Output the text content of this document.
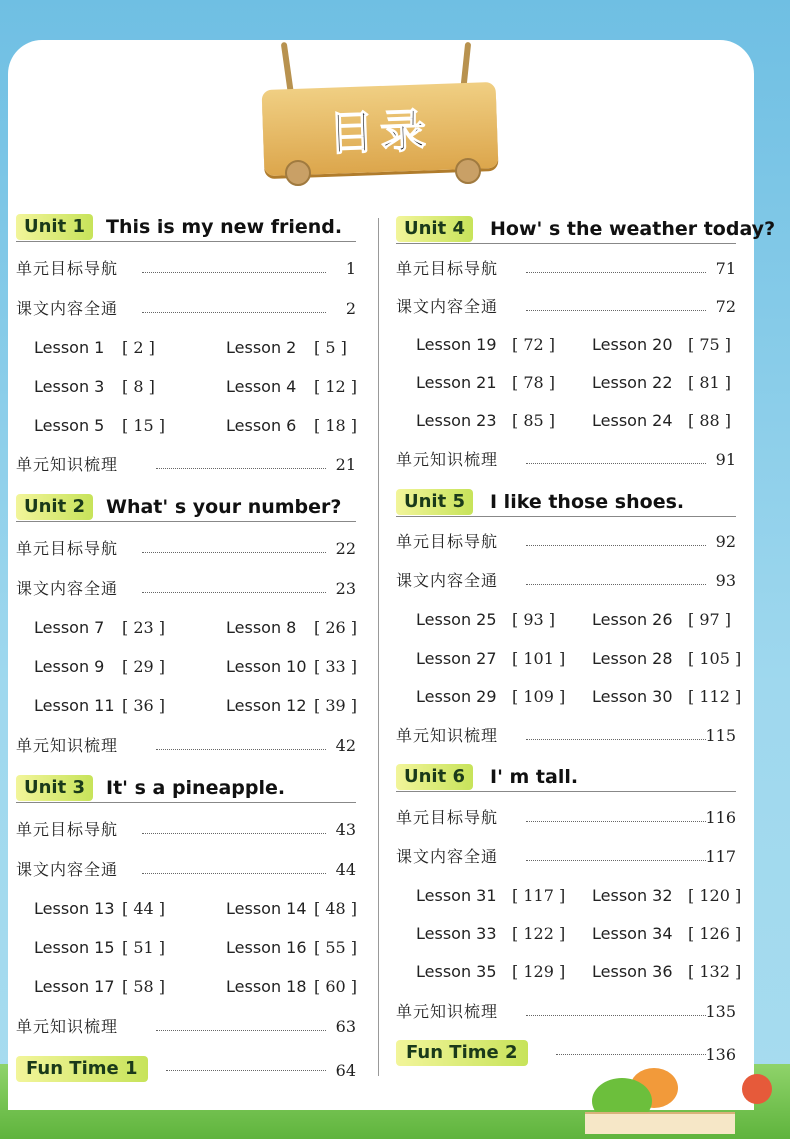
目录
Unit 1	This is my new friend.
单元目标导航	1
课文内容全通	2
Lesson 1 [ 2 ]	Lesson 2 [ 5 ]
Lesson 3 [ 8 ]	Lesson 4 [ 12 ]
Lesson 5 [ 15 ]	Lesson 6 [ 18 ]
单元知识梳理	21
Unit 2	What' s your number?
单元目标导航	22
课文内容全通	23
Lesson 7 [ 23 ]	Lesson 8 [ 26 ]
Lesson 9 [ 29 ]	Lesson 10 [ 33 ]
Lesson 11 [ 36 ]	Lesson 12 [ 39 ]
单元知识梳理	42
Unit 3	It' s a pineapple.
单元目标导航	43
课文内容全通	44
Lesson 13 [ 44 ]	Lesson 14 [ 48 ]
Lesson 15 [ 51 ]	Lesson 16 [ 55 ]
Lesson 17 [ 58 ]	Lesson 18 [ 60 ]
单元知识梳理	63
Fun Time 1	64
Unit 4	How' s the weather today?
单元目标导航	71
课文内容全通	72
Lesson 19 [ 72 ] Lesson 20 [ 75 ]
Lesson 21 [ 78 ] Lesson 22 [ 81 ]
Lesson 23 [ 85 ] Lesson 24 [ 88 ]
单元知识梳理	91
Unit 5	I like those shoes.
单元目标导航	92
课文内容全通	93
Lesson 25 [ 93 ] Lesson 26 [ 97 ]
Lesson 27 [ 101 ] Lesson 28 [ 105 ]
Lesson 29 [ 109 ] Lesson 30 [ 112 ]
单元知识梳理	115
Unit 6	I' m tall.
单元目标导航	116
课文内容全通	117
Lesson 31 [ 117 ] Lesson 32 [ 120 ]
Lesson 33 [ 122 ] Lesson 34 [ 126 ]
Lesson 35 [ 129 ] Lesson 36 [ 132 ]
单元知识梳理	135
Fun Time 2	136
